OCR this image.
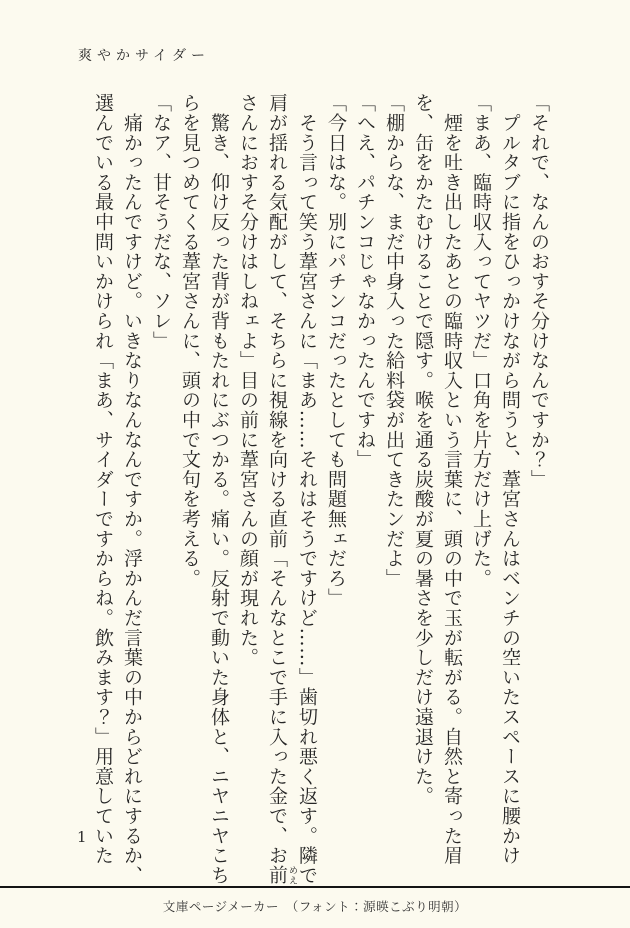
爽やかサイダー

「それで、なんのおすそ分けなんですか？」

　プルタブに指をひっかけながら問うと、葦宮さんはベンチの空いたスペースに腰かけ「まあ、臨時収入ってヤツだ」口角を片方だけ上げた。

　煙を吐き出したあとの臨時収入という言葉に、頭の中で玉が転がる。自然と寄った眉を、缶をかたむけることで隠す。喉を通る炭酸が夏の暑さを少しだけ遠退けた。

「棚からな、まだ中身入った給料袋が出てきたンだよ」

「へえ、パチンコじゃなかったんですね」

「今日はな。別にパチンコだったとしても問題無ェだろ」

　そう言って笑う葦宮さんに「まあ……それはそうですけど……」歯切れ悪く返す。隣で肩が揺れる気配がして、そちらに視線を向ける直前「そんなとこで手に入った金で、お前 めえさんにおすそ分けはしねェよ」目の前に葦宮さんの顔が現れた。

　驚き、仰け反った背が背もたれにぶつかる。痛い。反射で動いた身体と、ニヤニヤこちらを見つめてくる葦宮さんに、頭の中で文句を考える。

「なア、甘そうだな、ソレ」

　痛かったんですけど。いきなりなんなんですか。浮かんだ言葉の中からどれにするか、選んでいる最中問いかけられ「まあ、サイダーですからね。飲みます？」用意していた

1
文庫ページメーカー　（フォント：源暎こぶり明朝）
